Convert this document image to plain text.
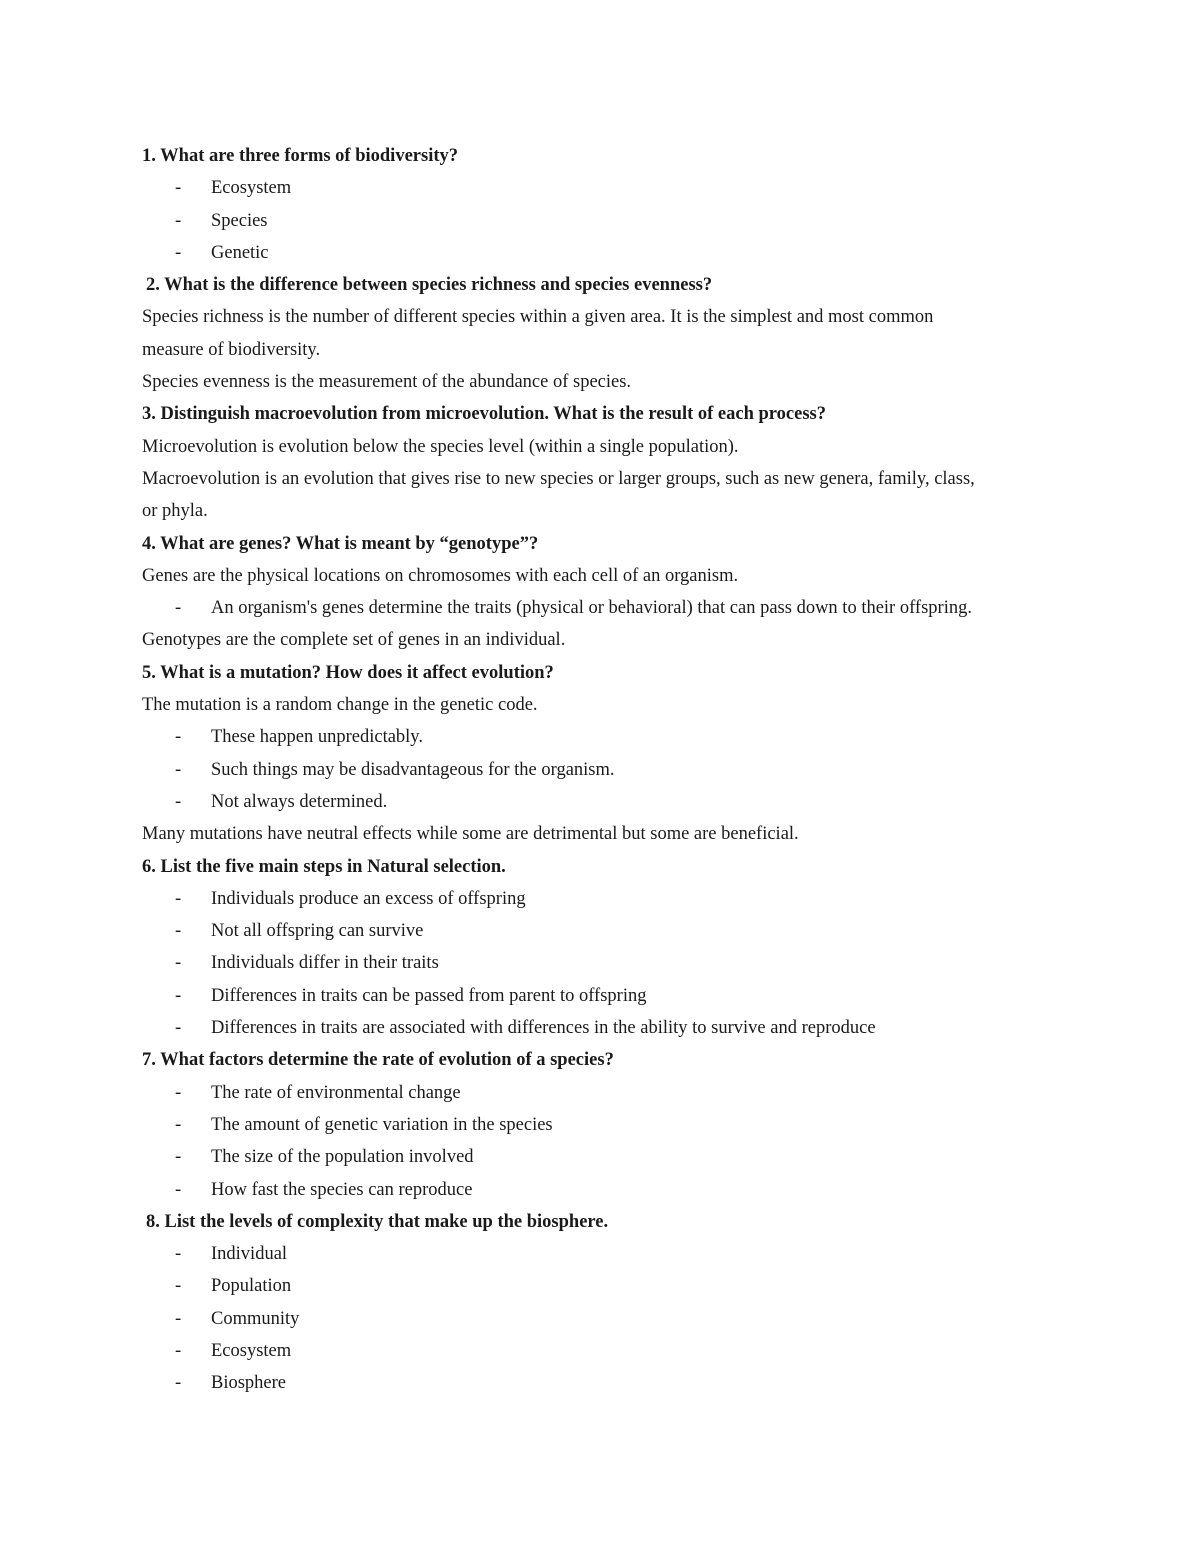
1. What are three forms of biodiversity?
- Ecosystem
- Species
- Genetic
2. What is the difference between species richness and species evenness?
Species richness is the number of different species within a given area. It is the simplest and most common
measure of biodiversity.
Species evenness is the measurement of the abundance of species.
3. Distinguish macroevolution from microevolution. What is the result of each process?
Microevolution is evolution below the species level (within a single population).
Macroevolution is an evolution that gives rise to new species or larger groups, such as new genera, family, class,
or phyla.
4. What are genes? What is meant by “genotype”?
Genes are the physical locations on chromosomes with each cell of an organism.
- An organism's genes determine the traits (physical or behavioral) that can pass down to their offspring.
Genotypes are the complete set of genes in an individual.
5. What is a mutation? How does it affect evolution?
The mutation is a random change in the genetic code.
- These happen unpredictably.
- Such things may be disadvantageous for the organism.
- Not always determined.
Many mutations have neutral effects while some are detrimental but some are beneficial.
6. List the five main steps in Natural selection.
- Individuals produce an excess of offspring
- Not all offspring can survive
- Individuals differ in their traits
- Differences in traits can be passed from parent to offspring
- Differences in traits are associated with differences in the ability to survive and reproduce
7. What factors determine the rate of evolution of a species?
- The rate of environmental change
- The amount of genetic variation in the species
- The size of the population involved
- How fast the species can reproduce
8. List the levels of complexity that make up the biosphere.
- Individual
- Population
- Community
- Ecosystem
- Biosphere
